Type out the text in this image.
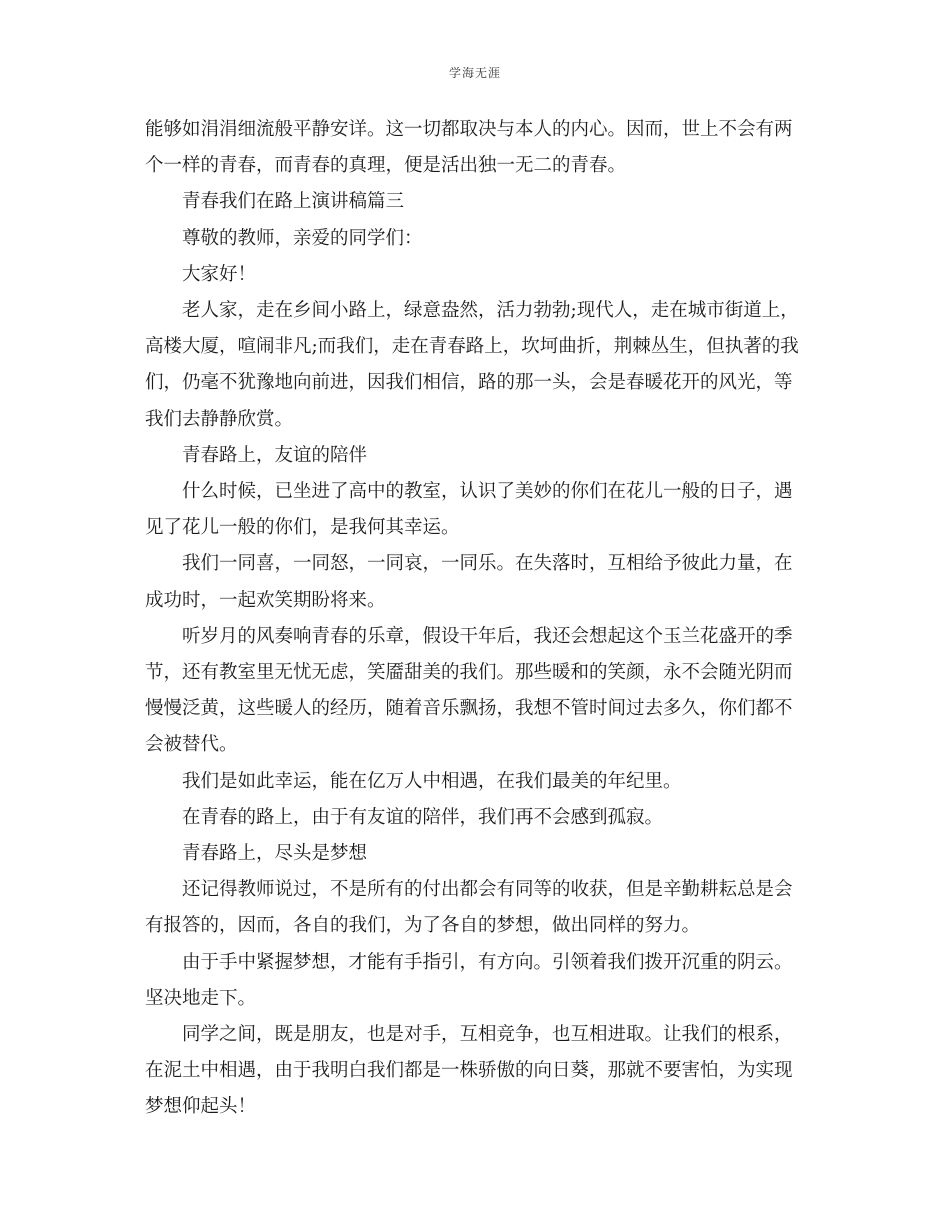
学海无涯

能够如涓涓细流般平静安详。这一切都取决与本人的内心。因而，世上不会有两

个一样的青春，而青春的真理，便是活出独一无二的青春。

青春我们在路上演讲稿篇三

尊敬的教师，亲爱的同学们：

大家好！

老人家，走在乡间小路上，绿意盎然，活力勃勃;现代人，走在城市街道上，

高楼大厦，喧闹非凡;而我们，走在青春路上，坎坷曲折，荆棘丛生，但执著的我

们，仍毫不犹豫地向前进，因我们相信，路的那一头，会是春暖花开的风光，等

我们去静静欣赏。

青春路上，友谊的陪伴

什么时候，已坐进了高中的教室，认识了美妙的你们在花儿一般的日子，遇

见了花儿一般的你们，是我何其幸运。

我们一同喜，一同怒，一同哀，一同乐。在失落时，互相给予彼此力量，在

成功时，一起欢笑期盼将来。

听岁月的风奏响青春的乐章，假设干年后，我还会想起这个玉兰花盛开的季

节，还有教室里无忧无虑，笑靥甜美的我们。那些暖和的笑颜，永不会随光阴而

慢慢泛黄，这些暖人的经历，随着音乐飘扬，我想不管时间过去多久，你们都不

会被替代。

我们是如此幸运，能在亿万人中相遇，在我们最美的年纪里。

在青春的路上，由于有友谊的陪伴，我们再不会感到孤寂。

青春路上，尽头是梦想

还记得教师说过，不是所有的付出都会有同等的收获，但是辛勤耕耘总是会

有报答的，因而，各自的我们，为了各自的梦想，做出同样的努力。

由于手中紧握梦想，才能有手指引，有方向。引领着我们拨开沉重的阴云。

坚决地走下。

同学之间，既是朋友，也是对手，互相竞争，也互相进取。让我们的根系，

在泥土中相遇，由于我明白我们都是一株骄傲的向日葵，那就不要害怕，为实现

梦想仰起头！
